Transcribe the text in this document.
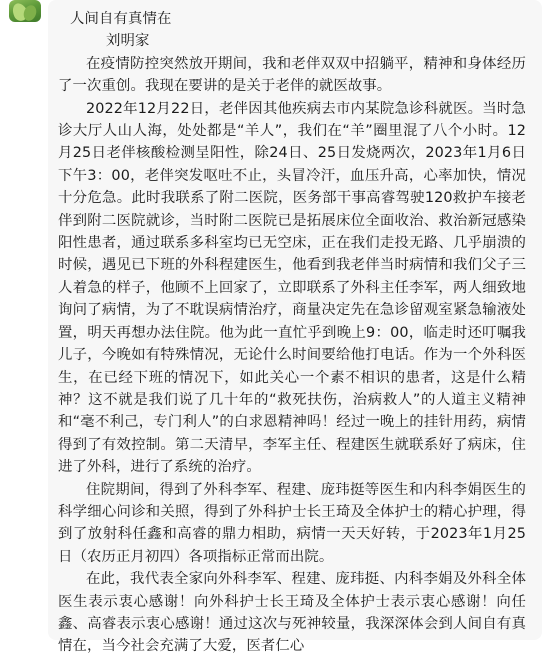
人间自有真情在

刘明家

在疫情防控突然放开期间，我和老伴双双中招躺平，精神和身体经历了一次重创。我现在要讲的是关于老伴的就医故事。

2022年12月22日，老伴因其他疾病去市内某院急诊科就医。当时急诊大厅人山人海，处处都是“羊人”，我们在“羊”圈里混了八个小时。12月25日老伴核酸检测呈阳性，除24日、25日发烧两次，2023年1月6日下午3：00，老伴突发呕吐不止，头冒冷汗，血压升高，心率加快，情况十分危急。此时我联系了附二医院，医务部干事高睿驾驶120救护车接老伴到附二医院就诊，当时附二医院已是拓展床位全面收治、救治新冠感染阳性患者，通过联系多科室均已无空床，正在我们走投无路、几乎崩溃的时候，遇见已下班的外科程建医生，他看到我老伴当时病情和我们父子三人着急的样子，他顾不上回家了，立即联系了外科主任李军，两人细致地询问了病情，为了不耽误病情治疗，商量决定先在急诊留观室紧急输液处置，明天再想办法住院。他为此一直忙乎到晚上9：00，临走时还叮嘱我儿子，今晚如有特殊情况，无论什么时间要给他打电话。作为一个外科医生，在已经下班的情况下，如此关心一个素不相识的患者，这是什么精神？这不就是我们说了几十年的“救死扶伤，治病救人”的人道主义精神和“毫不利己，专门利人”的白求恩精神吗！经过一晚上的挂针用药，病情得到了有效控制。第二天清早，李军主任、程建医生就联系好了病床，住进了外科，进行了系统的治疗。

住院期间，得到了外科李军、程建、庞玮挺等医生和内科李娟医生的科学细心问诊和关照，得到了外科护士长王琦及全体护士的精心护理，得到了放射科任鑫和高睿的鼎力相助，病情一天天好转，于2023年1月25日（农历正月初四）各项指标正常而出院。

在此，我代表全家向外科李军、程建、庞玮挺、内科李娟及外科全体医生表示衷心感谢！向外科护士长王琦及全体护士表示衷心感谢！向任鑫、高睿表示衷心感谢！通过这次与死神较量，我深深体会到人间自有真情在，当今社会充满了大爱，医者仁心
